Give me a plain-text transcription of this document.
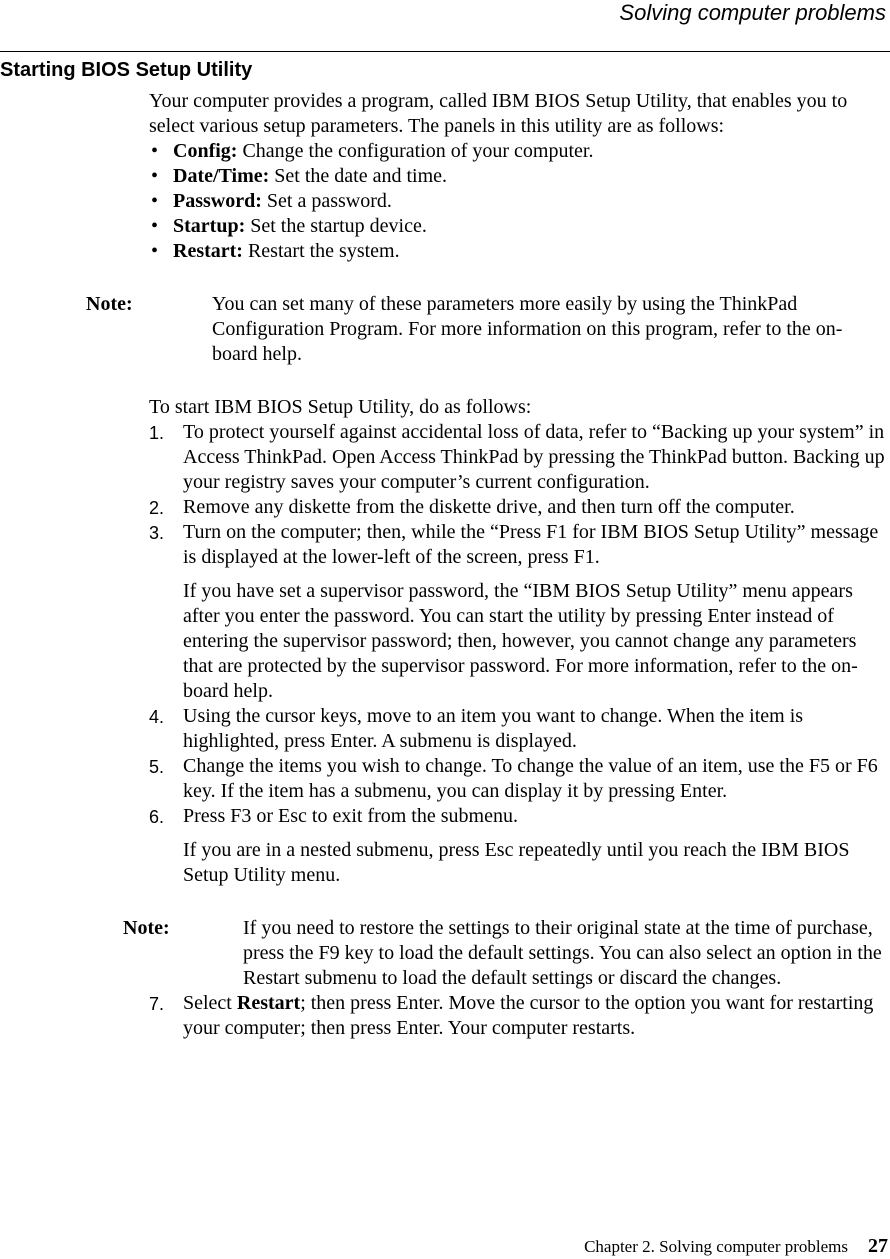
Solving computer problems
Starting BIOS Setup Utility

Your computer provides a program, called IBM BIOS Setup Utility, that enables you to select various setup parameters. The panels in this utility are as follows:

• Config: Change the configuration of your computer.
• Date/Time: Set the date and time.
• Password: Set a password.
• Startup: Set the startup device.
• Restart: Restart the system.

Note:	You can set many of these parameters more easily by using the ThinkPad Configuration Program. For more information on this program, refer to the on-board help.

To start IBM BIOS Setup Utility, do as follows:

1. To protect yourself against accidental loss of data, refer to “Backing up your system” in Access ThinkPad. Open Access ThinkPad by pressing the ThinkPad button. Backing up your registry saves your computer’s current configuration.
2. Remove any diskette from the diskette drive, and then turn off the computer.
3. Turn on the computer; then, while the “Press F1 for IBM BIOS Setup Utility” message is displayed at the lower-left of the screen, press F1.

If you have set a supervisor password, the “IBM BIOS Setup Utility” menu appears after you enter the password. You can start the utility by pressing Enter instead of entering the supervisor password; then, however, you cannot change any parameters that are protected by the supervisor password. For more information, refer to the on-board help.

4. Using the cursor keys, move to an item you want to change. When the item is highlighted, press Enter. A submenu is displayed.
5. Change the items you wish to change. To change the value of an item, use the F5 or F6 key. If the item has a submenu, you can display it by pressing Enter.
6. Press F3 or Esc to exit from the submenu.

If you are in a nested submenu, press Esc repeatedly until you reach the IBM BIOS Setup Utility menu.

Note:	If you need to restore the settings to their original state at the time of purchase, press the F9 key to load the default settings. You can also select an option in the Restart submenu to load the default settings or discard the changes.

7. Select Restart; then press Enter. Move the cursor to the option you want for restarting your computer; then press Enter. Your computer restarts.
Chapter 2. Solving computer problems 27
